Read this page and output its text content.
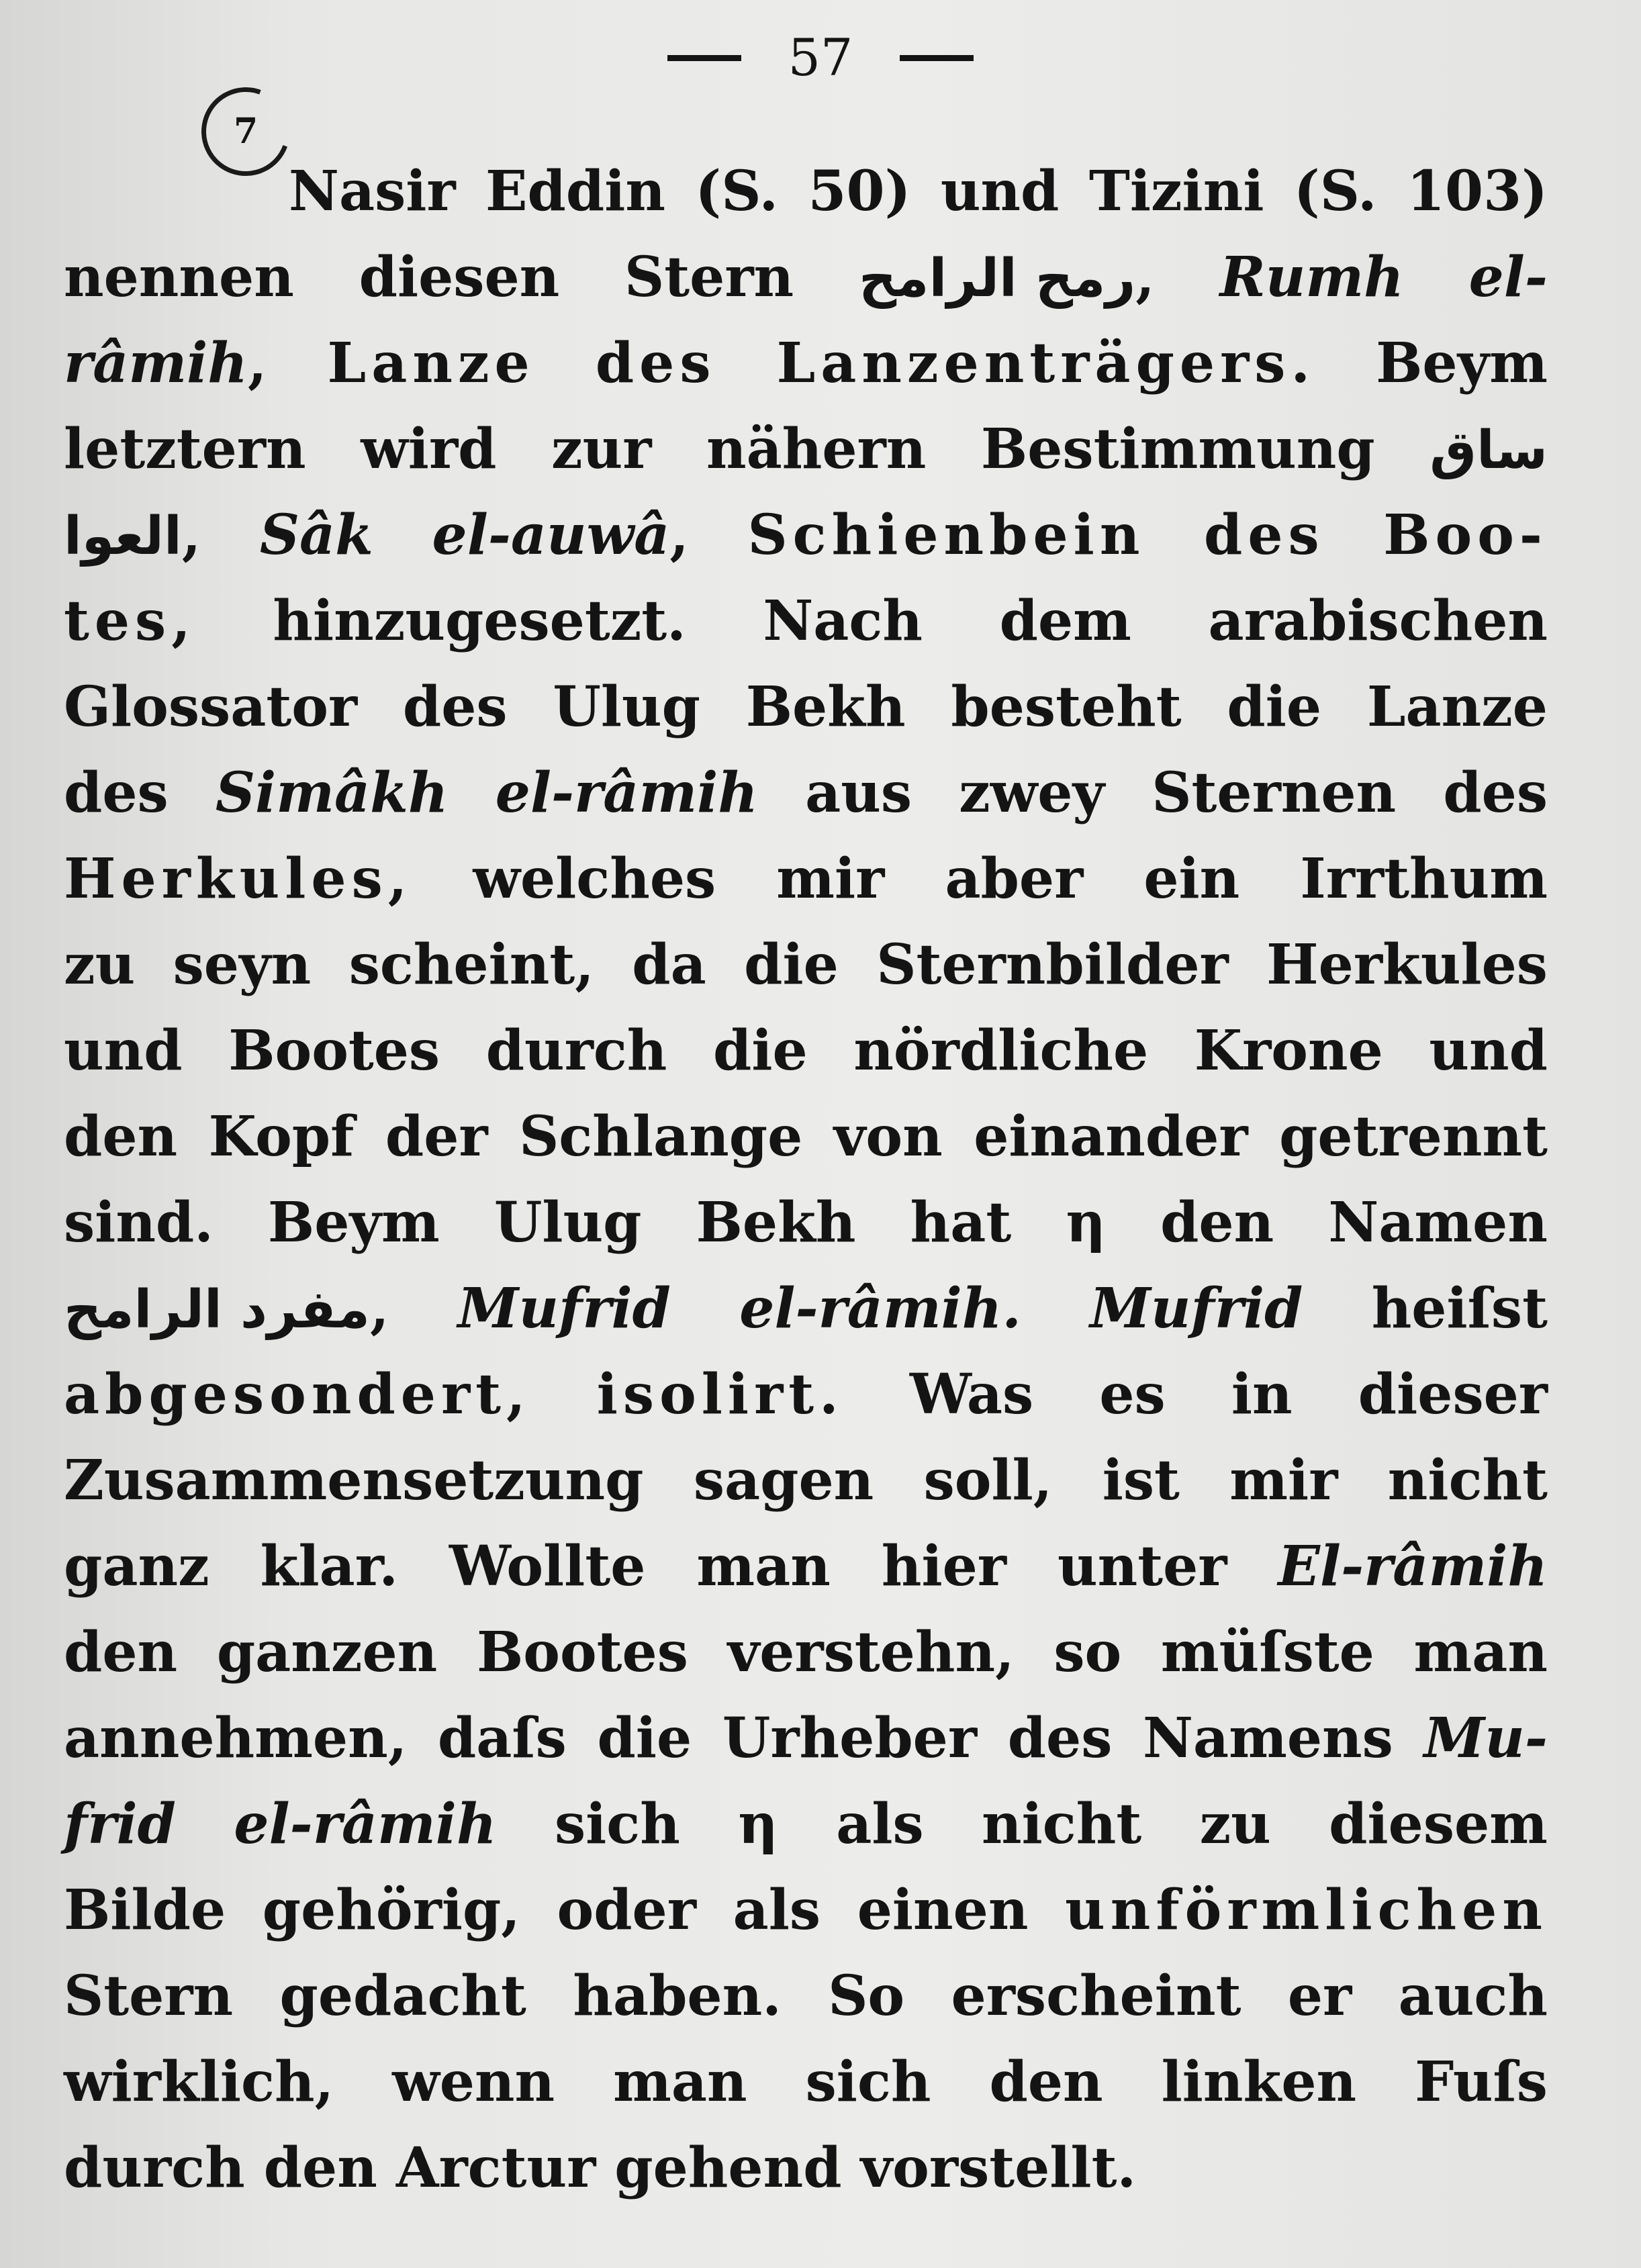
57
7
Nasir Eddin (S. 50) und Tizini (S. 103)
nennen diesen Stern رمح الرامح, Rumh el-
râmih, Lanze des Lanzenträgers. Beym
letztern wird zur nähern Bestimmung ساق
العوا, Sâk el-auwâ, Schienbein des Boo-
tes, hinzugesetzt. Nach dem arabischen
Glossator des Ulug Bekh besteht die Lanze
des Simâkh el-râmih aus zwey Sternen des
Herkules, welches mir aber ein Irrthum
zu seyn scheint, da die Sternbilder Herkules
und Bootes durch die nördliche Krone und
den Kopf der Schlange von einander getrennt
sind. Beym Ulug Bekh hat η den Namen
مفرد الرامح, Mufrid el-râmih. Mufrid heiſst
abgesondert, isolirt. Was es in dieser
Zusammensetzung sagen soll, ist mir nicht
ganz klar. Wollte man hier unter El-râmih
den ganzen Bootes verstehn, so müſste man
annehmen, daſs die Urheber des Namens Mu-
frid el-râmih sich η als nicht zu diesem
Bilde gehörig, oder als einen unförmlichen
Stern gedacht haben. So erscheint er auch
wirklich, wenn man sich den linken Fuſs
durch den Arctur gehend vorstellt.
